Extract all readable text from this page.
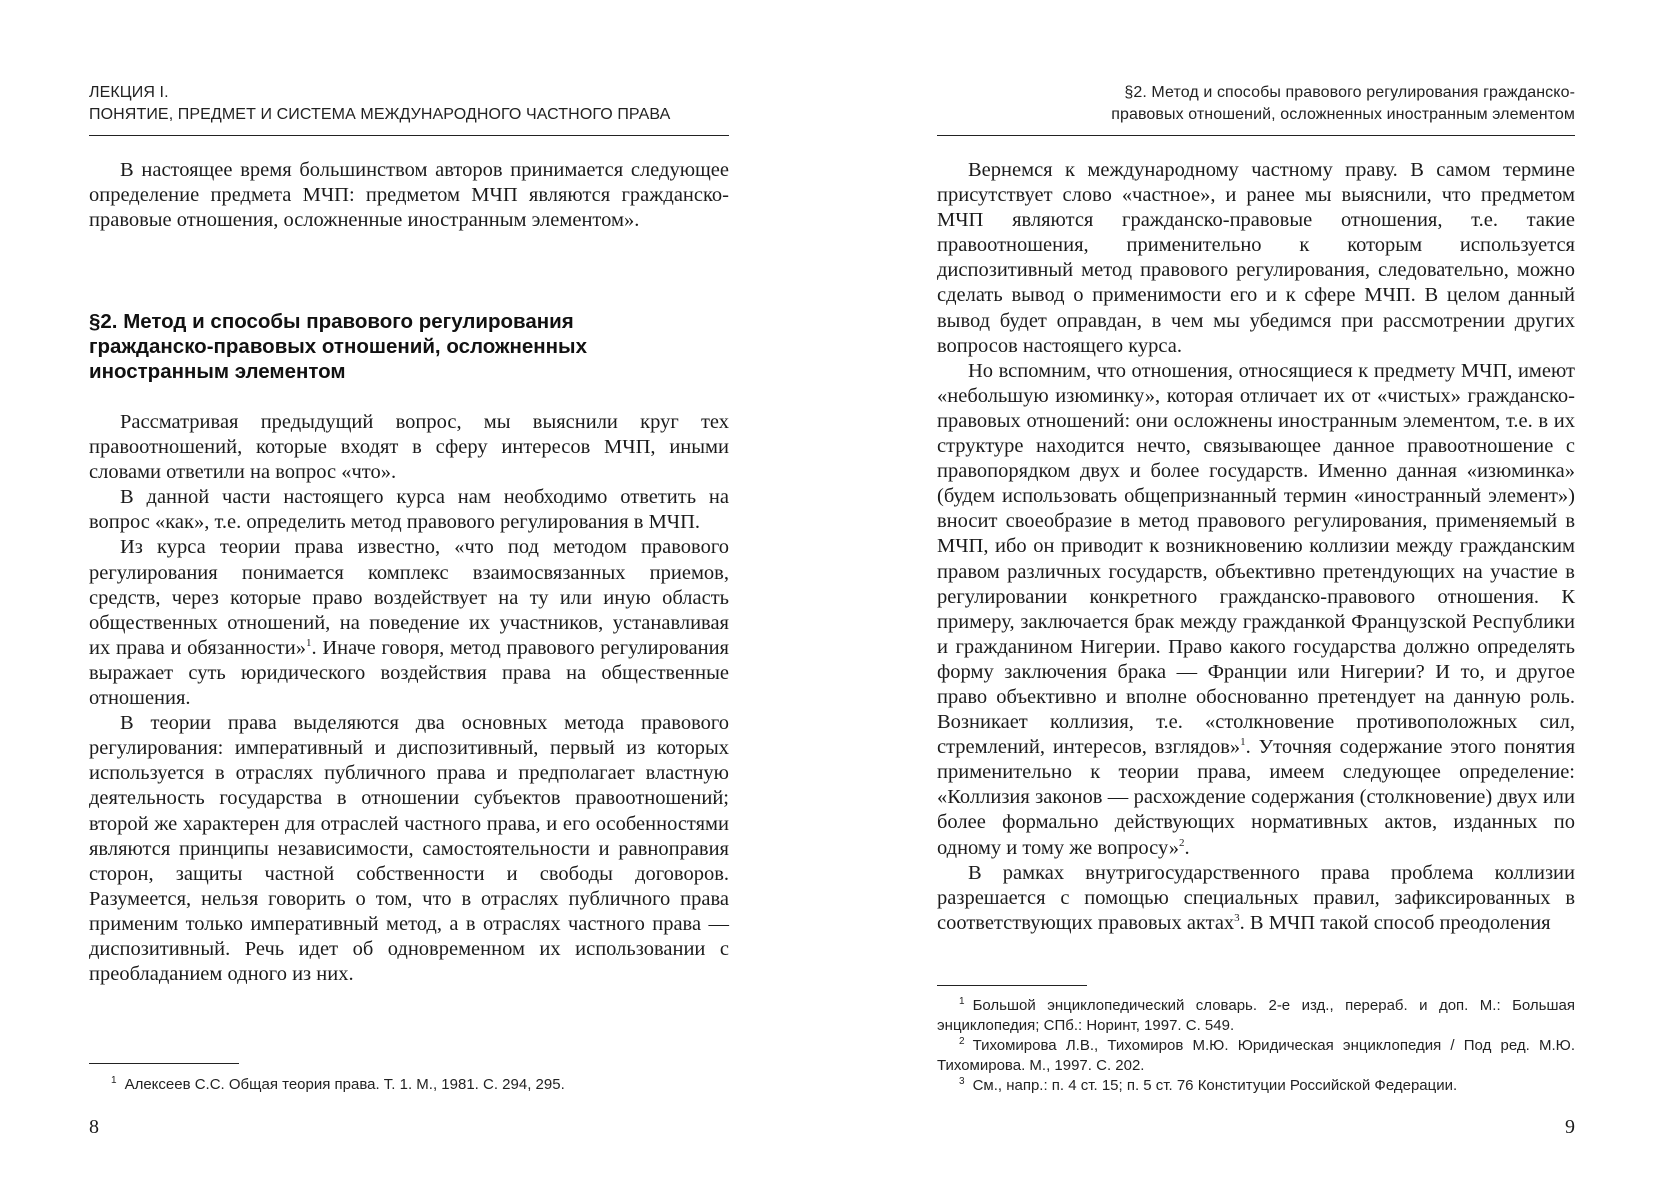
ЛЕКЦИЯ I.
ПОНЯТИЕ, ПРЕДМЕТ И СИСТЕМА МЕЖДУНАРОДНОГО ЧАСТНОГО ПРАВА

В настоящее время большинством авторов принимается следующее определение предмета МЧП: предметом МЧП являются гражданско-правовые отношения, осложненные иностранным элементом».

§2. Метод и способы правового регулирования гражданско-правовых отношений, осложненных иностранным элементом

Рассматривая предыдущий вопрос, мы выяснили круг тех правоотношений, которые входят в сферу интересов МЧП, иными словами ответили на вопрос «что».

В данной части настоящего курса нам необходимо ответить на вопрос «как», т.е. определить метод правового регулирования в МЧП.

Из курса теории права известно, «что под методом правового регулирования понимается комплекс взаимосвязанных приемов, средств, через которые право воздействует на ту или иную область общественных отношений, на поведение их участников, устанавливая их права и обязанности»$^1$. Иначе говоря, метод правового регулирования выражает суть юридического воздействия права на общественные отношения.

В теории права выделяются два основных метода правового регулирования: императивный и диспозитивный, первый из которых используется в отраслях публичного права и предполагает властную деятельность государства в отношении субъектов правоотношений; второй же характерен для отраслей частного права, и его особенностями являются принципы независимости, самостоятельности и равноправия сторон, защиты частной собственности и свободы договоров. Разумеется, нельзя говорить о том, что в отраслях публичного права применим только императивный метод, а в отраслях частного права — диспозитивный. Речь идет об одновременном их использовании с преобладанием одного из них.

$^1$ Алексеев С.С. Общая теория права. Т. 1. М., 1981. С. 294, 295.

8
§2. Метод и способы правового регулирования гражданско-
правовых отношений, осложненных иностранным элементом

Вернемся к международному частному праву. В самом термине присутствует слово «частное», и ранее мы выяснили, что предметом МЧП являются гражданско-правовые отношения, т.е. такие правоотношения, применительно к которым используется диспозитивный метод правового регулирования, следовательно, можно сделать вывод о применимости его и к сфере МЧП. В целом данный вывод будет оправдан, в чем мы убедимся при рассмотрении других вопросов настоящего курса.

Но вспомним, что отношения, относящиеся к предмету МЧП, имеют «небольшую изюминку», которая отличает их от «чистых» гражданско-правовых отношений: они осложнены иностранным элементом, т.е. в их структуре находится нечто, связывающее данное правоотношение с правопорядком двух и более государств. Именно данная «изюминка» (будем использовать общепризнанный термин «иностранный элемент») вносит своеобразие в метод правового регулирования, применяемый в МЧП, ибо он приводит к возникновению коллизии между гражданским правом различных государств, объективно претендующих на участие в регулировании конкретного гражданско-правового отношения. К примеру, заключается брак между гражданкой Французской Республики и гражданином Нигерии. Право какого государства должно определять форму заключения брака — Франции или Нигерии? И то, и другое право объективно и вполне обоснованно претендует на данную роль. Возникает коллизия, т.е. «столкновение противоположных сил, стремлений, интересов, взглядов»$^1$. Уточняя содержание этого понятия применительно к теории права, имеем следующее определение: «Коллизия законов — расхождение содержания (столкновение) двух или более формально действующих нормативных актов, изданных по одному и тому же вопросу»$^2$.

В рамках внутригосударственного права проблема коллизии разрешается с помощью специальных правил, зафиксированных в соответствующих правовых актах$^3$. В МЧП такой способ преодоления

$^1$ Большой энциклопедический словарь. 2-е изд., перераб. и доп. М.: Большая энциклопедия; СПб.: Норинт, 1997. С. 549.

$^2$ Тихомирова Л.В., Тихомиров М.Ю. Юридическая энциклопедия / Под ред. М.Ю. Тихомирова. М., 1997. С. 202.

$^3$ См., напр.: п. 4 ст. 15; п. 5 ст. 76 Конституции Российской Федерации.

9
